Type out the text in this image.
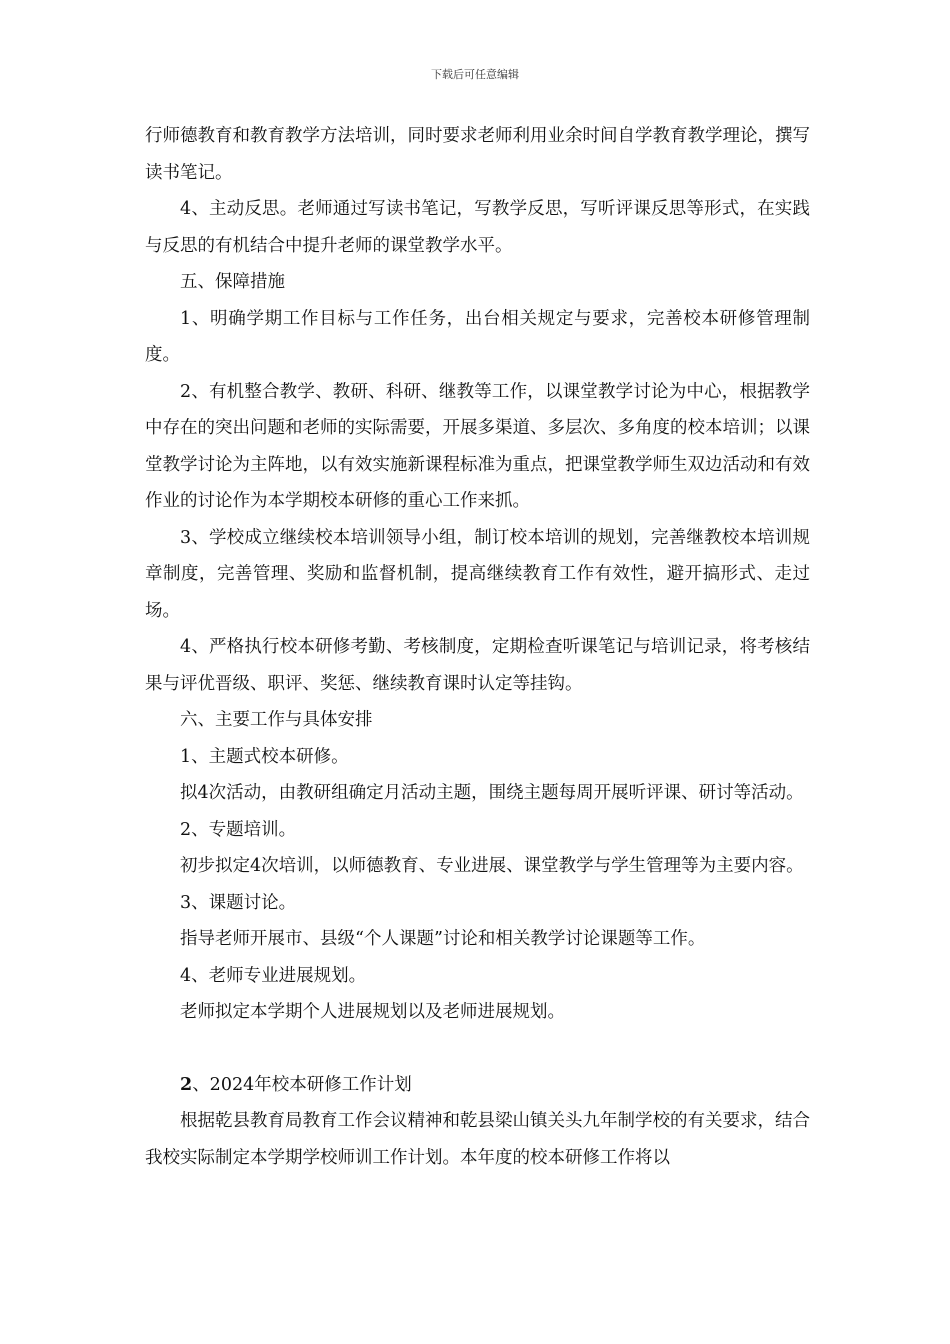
下载后可任意编辑

行师德教育和教育教学方法培训，同时要求老师利用业余时间自学教育教学理论，撰写读书笔记。

4、主动反思。老师通过写读书笔记，写教学反思，写听评课反思等形式，在实践与反思的有机结合中提升老师的课堂教学水平。

五、保障措施

1、明确学期工作目标与工作任务，出台相关规定与要求，完善校本研修管理制度。

2、有机整合教学、教研、科研、继教等工作，以课堂教学讨论为中心，根据教学中存在的突出问题和老师的实际需要，开展多渠道、多层次、多角度的校本培训；以课堂教学讨论为主阵地，以有效实施新课程标准为重点，把课堂教学师生双边活动和有效作业的讨论作为本学期校本研修的重心工作来抓。

3、学校成立继续校本培训领导小组，制订校本培训的规划，完善继教校本培训规章制度，完善管理、奖励和监督机制，提高继续教育工作有效性，避开搞形式、走过场。

4、严格执行校本研修考勤、考核制度，定期检查听课笔记与培训记录，将考核结果与评优晋级、职评、奖惩、继续教育课时认定等挂钩。

六、主要工作与具体安排

1、主题式校本研修。

拟4次活动，由教研组确定月活动主题，围绕主题每周开展听评课、研讨等活动。

2、专题培训。

初步拟定4次培训，以师德教育、专业进展、课堂教学与学生管理等为主要内容。

3、课题讨论。

指导老师开展市、县级“个人课题”讨论和相关教学讨论课题等工作。

4、老师专业进展规划。

老师拟定本学期个人进展规划以及老师进展规划。

2、2024年校本研修工作计划

根据乾县教育局教育工作会议精神和乾县梁山镇关头九年制学校的有关要求，结合我校实际制定本学期学校师训工作计划。本年度的校本研修工作将以
